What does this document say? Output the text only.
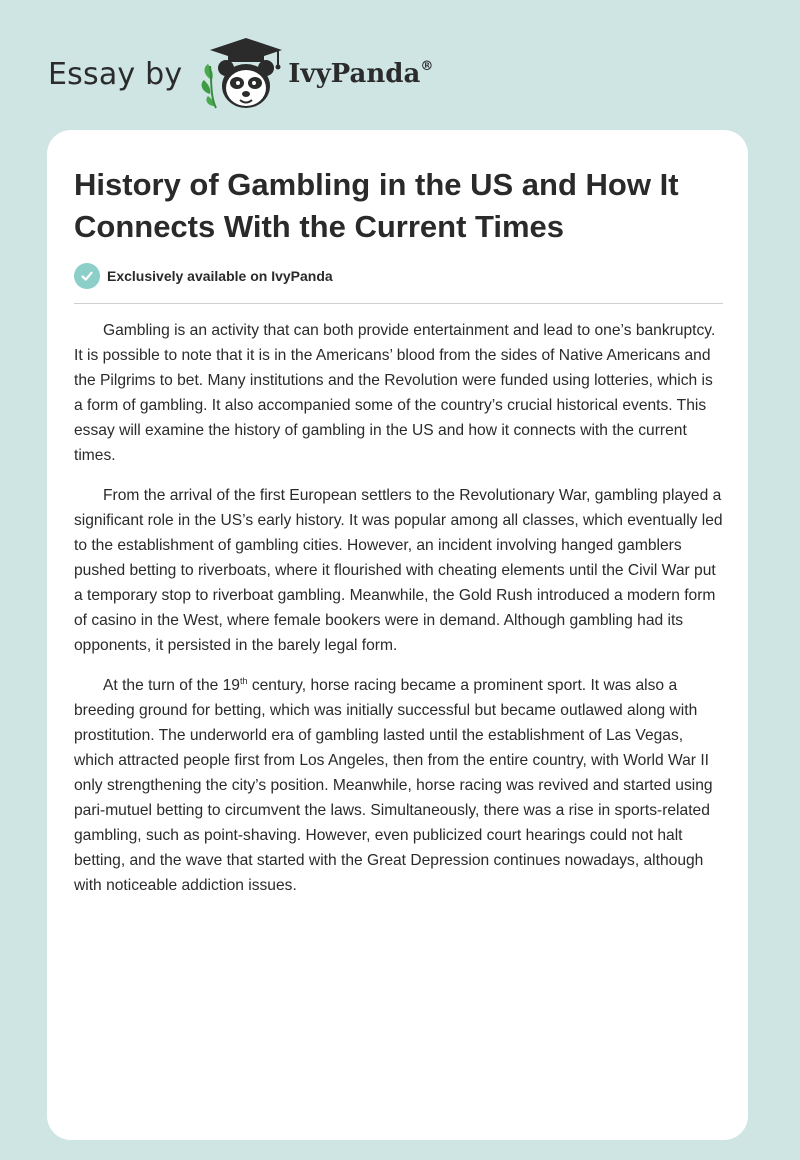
Essay by	IvyPanda®
History of Gambling in the US and How It Connects With the Current Times
Exclusively available on IvyPanda

Gambling is an activity that can both provide entertainment and lead to one’s bankruptcy. It is possible to note that it is in the Americans’ blood from the sides of Native Americans and the Pilgrims to bet. Many institutions and the Revolution were funded using lotteries, which is a form of gambling. It also accompanied some of the country’s crucial historical events. This essay will examine the history of gambling in the US and how it connects with the current times.

From the arrival of the first European settlers to the Revolutionary War, gambling played a significant role in the US’s early history. It was popular among all classes, which eventually led to the establishment of gambling cities. However, an incident involving hanged gamblers pushed betting to riverboats, where it flourished with cheating elements until the Civil War put a temporary stop to riverboat gambling. Meanwhile, the Gold Rush introduced a modern form of casino in the West, where female bookers were in demand. Although gambling had its opponents, it persisted in the barely legal form.

At the turn of the 19th century, horse racing became a prominent sport. It was also a breeding ground for betting, which was initially successful but became outlawed along with prostitution. The underworld era of gambling lasted until the establishment of Las Vegas, which attracted people first from Los Angeles, then from the entire country, with World War II only strengthening the city’s position. Meanwhile, horse racing was revived and started using pari-mutuel betting to circumvent the laws. Simultaneously, there was a rise in sports-related gambling, such as point-shaving. However, even publicized court hearings could not halt betting, and the wave that started with the Great Depression continues nowadays, although with noticeable addiction issues.
